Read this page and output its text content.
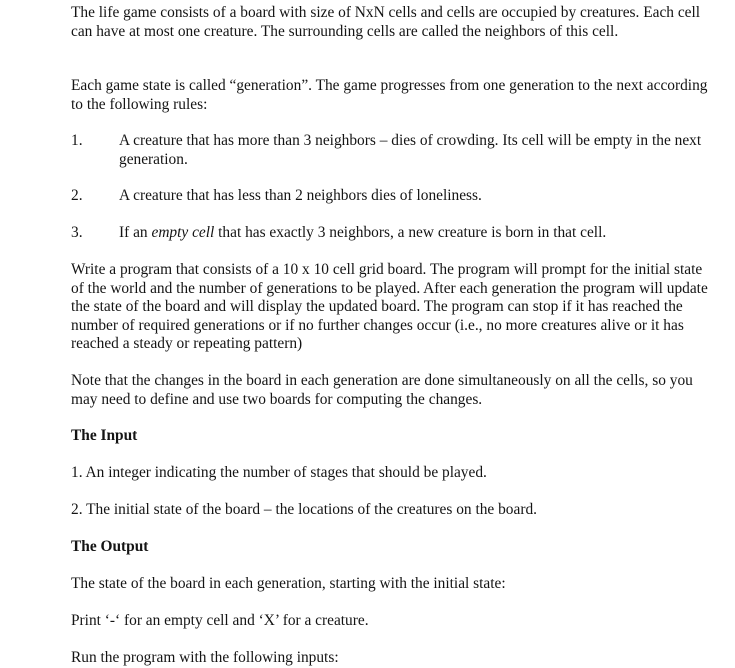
The life game consists of a board with size of NxN cells and cells are occupied by creatures. Each cell can have at most one creature. The surrounding cells are called the neighbors of this cell.

Each game state is called “generation”. The game progresses from one generation to the next according to the following rules:

1.	A creature that has more than 3 neighbors – dies of crowding. Its cell will be empty in the next generation.
2.	A creature that has less than 2 neighbors dies of loneliness.
3.	If an empty cell that has exactly 3 neighbors, a new creature is born in that cell.

Write a program that consists of a 10 x 10 cell grid board. The program will prompt for the initial state of the world and the number of generations to be played. After each generation the program will update the state of the board and will display the updated board. The program can stop if it has reached the number of required generations or if no further changes occur (i.e., no more creatures alive or it has reached a steady or repeating pattern)

Note that the changes in the board in each generation are done simultaneously on all the cells, so you may need to define and use two boards for computing the changes.

The Input

1. An integer indicating the number of stages that should be played.

2. The initial state of the board – the locations of the creatures on the board.

The Output

The state of the board in each generation, starting with the initial state:

Print ‘-‘ for an empty cell and ‘X’ for a creature.

Run the program with the following inputs:
